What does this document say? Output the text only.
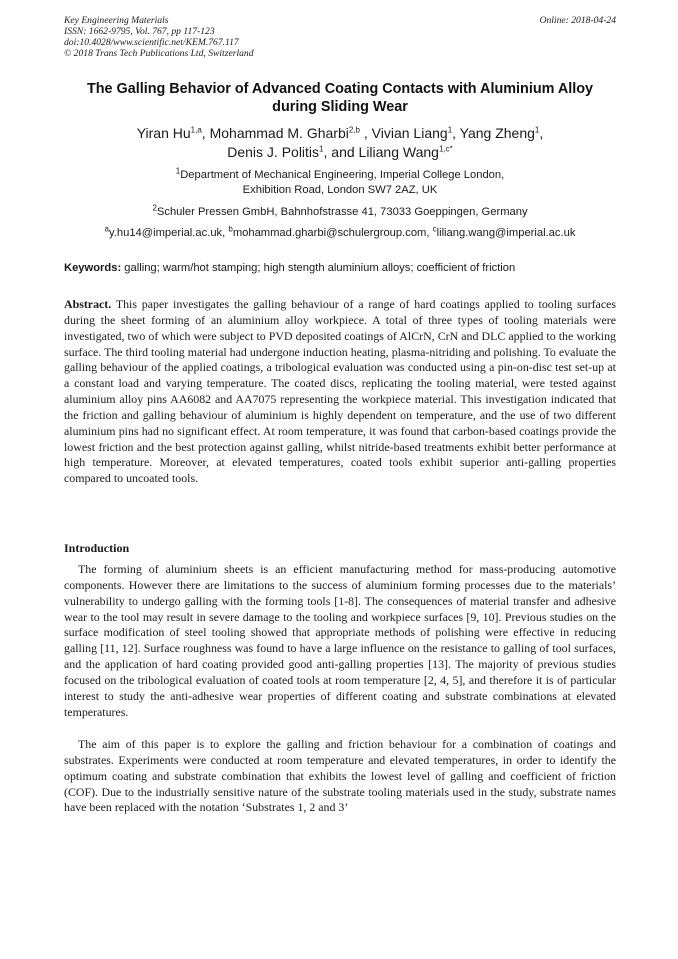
Key Engineering Materials
ISSN: 1662-9795, Vol. 767, pp 117-123
doi:10.4028/www.scientific.net/KEM.767.117
© 2018 Trans Tech Publications Ltd, Switzerland
Online: 2018-04-24
The Galling Behavior of Advanced Coating Contacts with Aluminium Alloy during Sliding Wear
Yiran Hu$^{1,a}$, Mohammad M. Gharbi$^{2,b}$ , Vivian Liang$^1$, Yang Zheng$^1$,
Denis J. Politis$^1$, and Liliang Wang$^{1,c*}$
$^1$Department of Mechanical Engineering, Imperial College London,
Exhibition Road, London SW7 2AZ, UK
$^2$Schuler Pressen GmbH, Bahnhofstrasse 41, 73033 Goeppingen, Germany
$^a$y.hu14@imperial.ac.uk, $^b$mohammad.gharbi@schulergroup.com, $^c$liliang.wang@imperial.ac.uk
Keywords: galling; warm/hot stamping; high stength aluminium alloys; coefficient of friction
Abstract. This paper investigates the galling behaviour of a range of hard coatings applied to tooling surfaces during the sheet forming of an aluminium alloy workpiece. A total of three types of tooling materials were investigated, two of which were subject to PVD deposited coatings of AlCrN, CrN and DLC applied to the working surface. The third tooling material had undergone induction heating, plasma-nitriding and polishing. To evaluate the galling behaviour of the applied coatings, a tribological evaluation was conducted using a pin-on-disc test set-up at a constant load and varying temperature. The coated discs, replicating the tooling material, were tested against aluminium alloy pins AA6082 and AA7075 representing the workpiece material. This investigation indicated that the friction and galling behaviour of aluminium is highly dependent on temperature, and the use of two different aluminium pins had no significant effect. At room temperature, it was found that carbon-based coatings provide the lowest friction and the best protection against galling, whilst nitride-based treatments exhibit better performance at high temperature. Moreover, at elevated temperatures, coated tools exhibit superior anti-galling properties compared to uncoated tools.
Introduction
The forming of aluminium sheets is an efficient manufacturing method for mass-producing automotive components. However there are limitations to the success of aluminium forming processes due to the materials’ vulnerability to undergo galling with the forming tools [1-8]. The consequences of material transfer and adhesive wear to the tool may result in severe damage to the tooling and workpiece surfaces [9, 10]. Previous studies on the surface modification of steel tooling showed that appropriate methods of polishing were effective in reducing galling [11, 12]. Surface roughness was found to have a large influence on the resistance to galling of tool surfaces, and the application of hard coating provided good anti-galling properties [13]. The majority of previous studies focused on the tribological evaluation of coated tools at room temperature [2, 4, 5], and therefore it is of particular interest to study the anti-adhesive wear properties of different coating and substrate combinations at elevated temperatures.
The aim of this paper is to explore the galling and friction behaviour for a combination of coatings and substrates. Experiments were conducted at room temperature and elevated temperatures, in order to identify the optimum coating and substrate combination that exhibits the lowest level of galling and coefficient of friction (COF). Due to the industrially sensitive nature of the substrate tooling materials used in the study, substrate names have been replaced with the notation ‘Substrates 1, 2 and 3’
